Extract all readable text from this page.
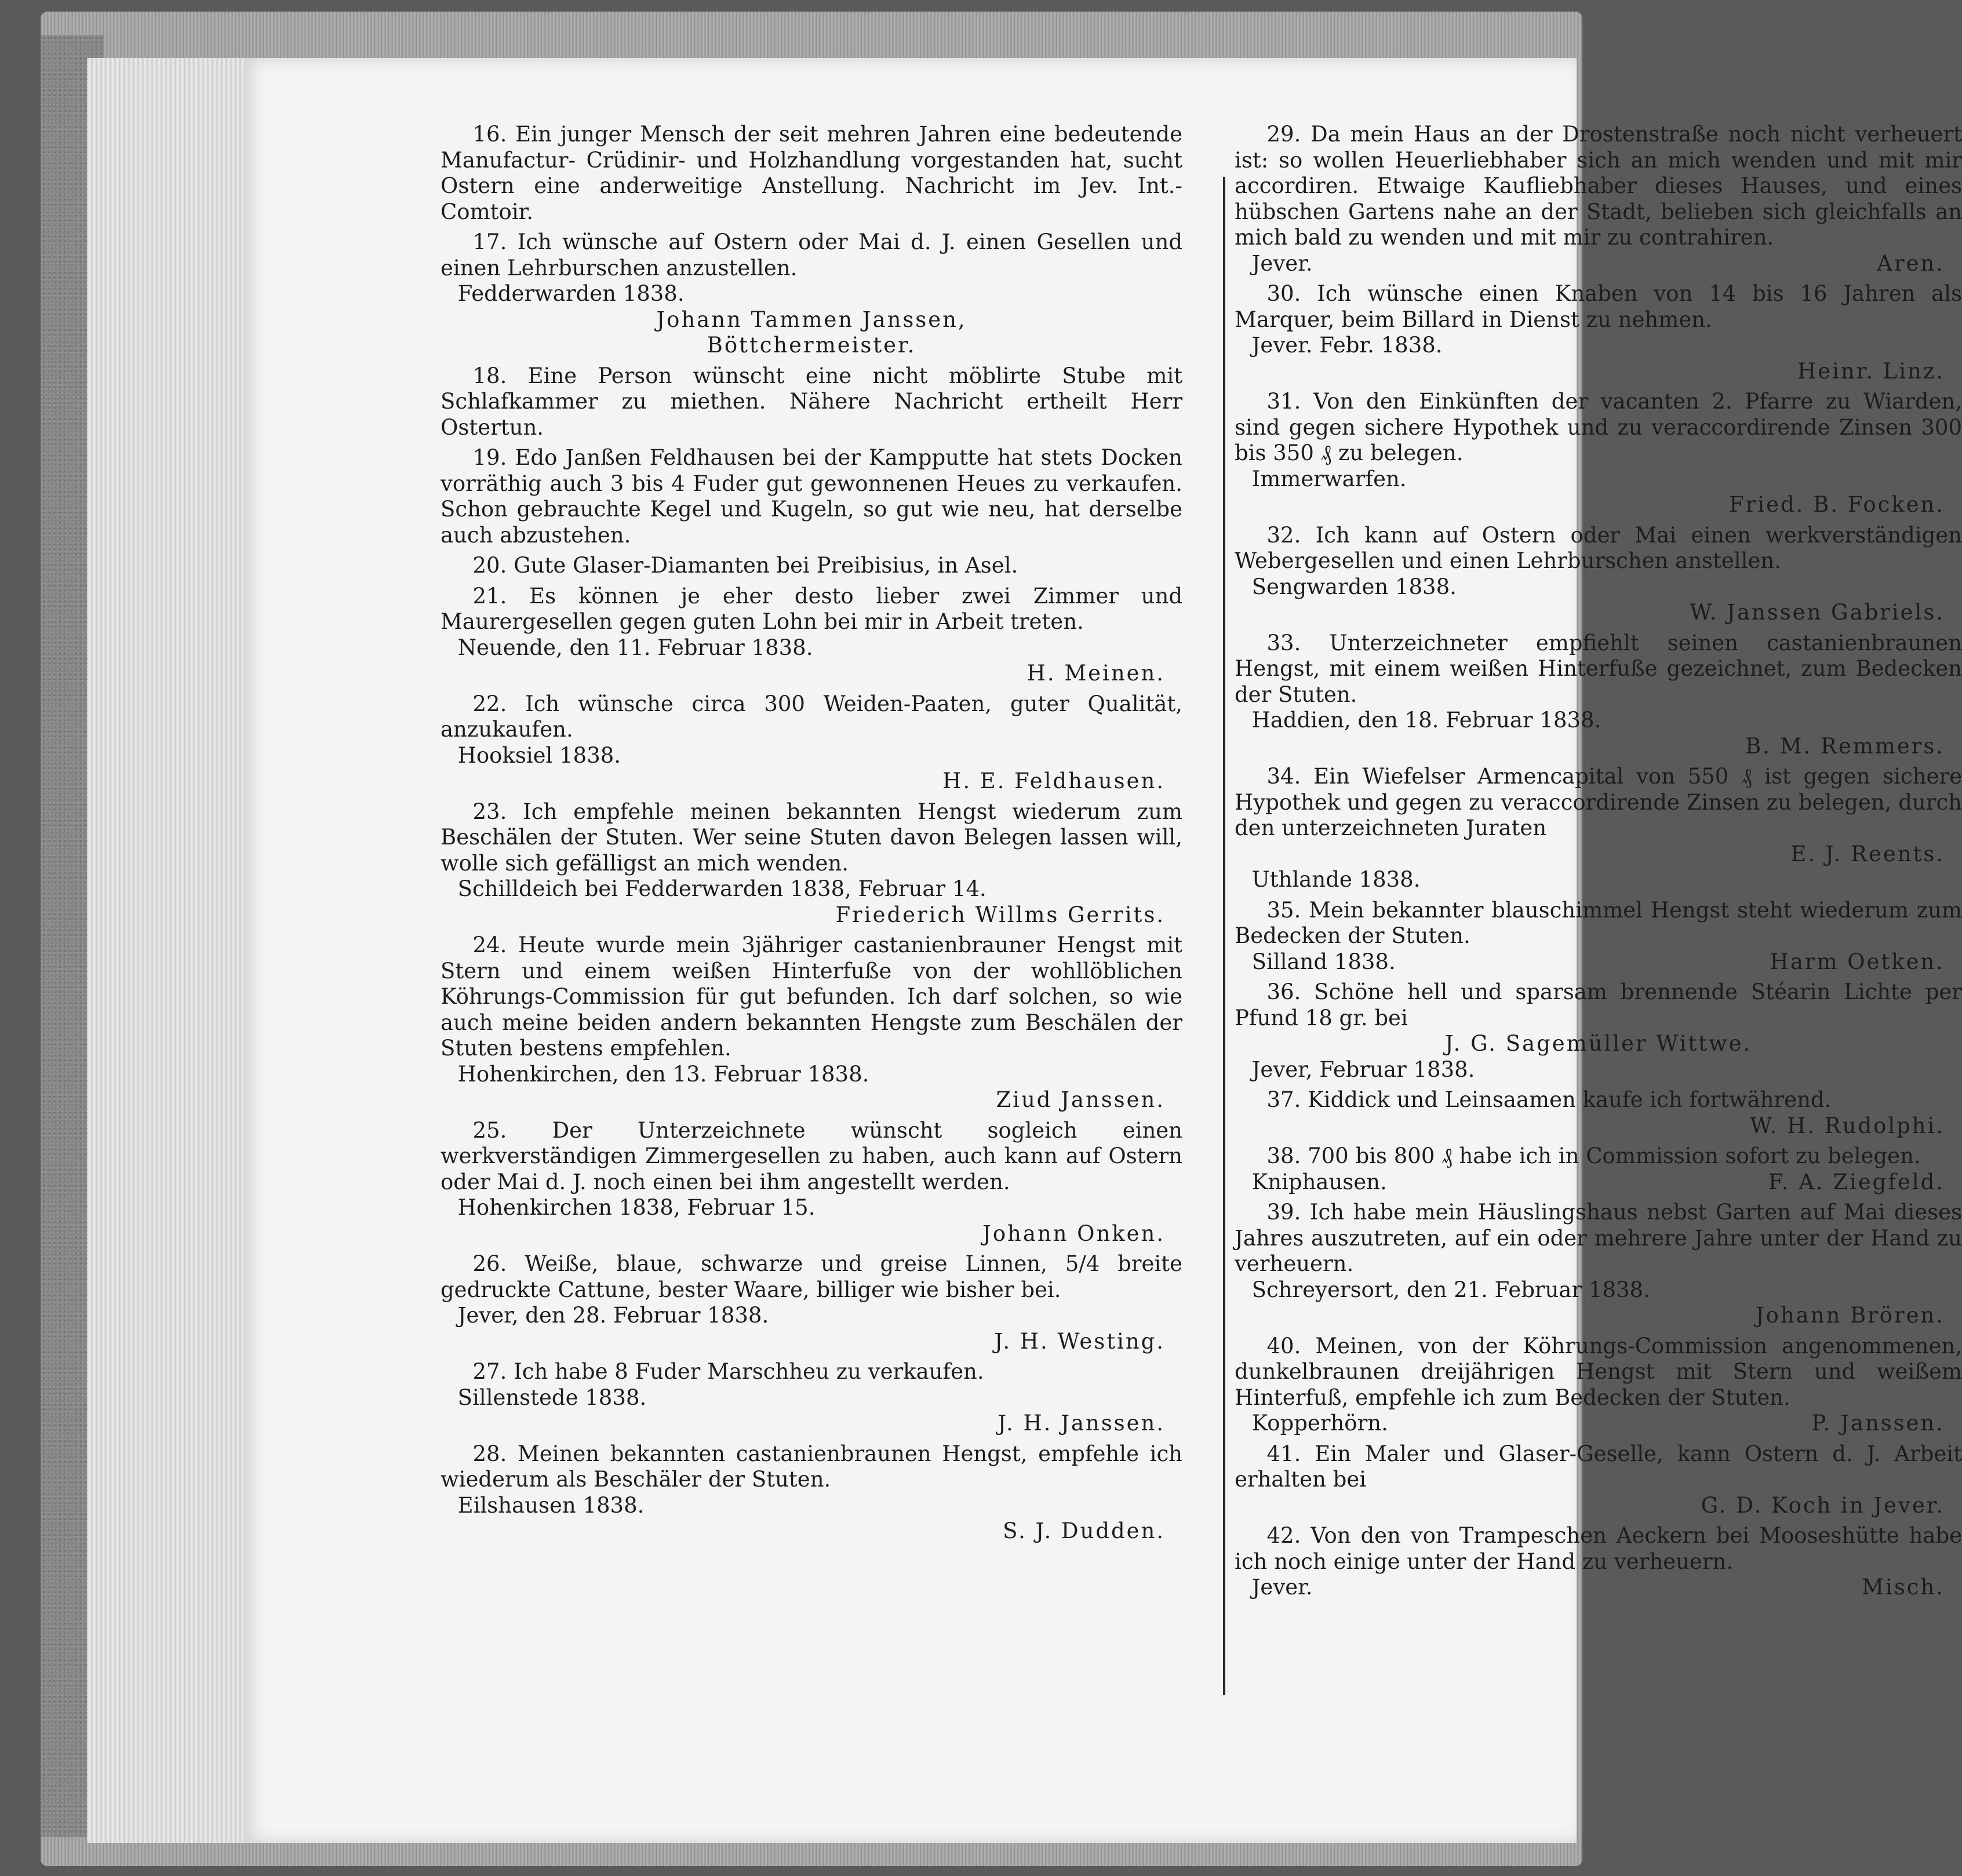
16. Ein junger Mensch der seit mehren Jahren eine bedeutende Manufactur- Crüdinir- und Holzhandlung vorgestanden hat, sucht Ostern eine anderweitige Anstellung. Nachricht im Jev. Int.-Comtoir.

17. Ich wünsche auf Ostern oder Mai d. J. einen Gesellen und einen Lehrburschen anzustellen.

Fedderwarden 1838.
Johann Tammen Janssen,
Böttchermeister.

18. Eine Person wünscht eine nicht möblirte Stube mit Schlafkammer zu miethen. Nähere Nachricht ertheilt Herr Ostertun.

19. Edo Janßen Feldhausen bei der Kampputte hat stets Docken vorräthig auch 3 bis 4 Fuder gut gewonnenen Heues zu verkaufen. Schon gebrauchte Kegel und Kugeln, so gut wie neu, hat derselbe auch abzustehen.

20. Gute Glaser-Diamanten bei Preibisius, in Asel.

21. Es können je eher desto lieber zwei Zimmer und Maurergesellen gegen guten Lohn bei mir in Arbeit treten.

Neuende, den 11. Februar 1838.
H. Meinen.

22. Ich wünsche circa 300 Weiden-Paaten, guter Qualität, anzukaufen.

Hooksiel 1838.
H. E. Feldhausen.

23. Ich empfehle meinen bekannten Hengst wiederum zum Beschälen der Stuten. Wer seine Stuten davon Belegen lassen will, wolle sich gefälligst an mich wenden.

Schilldeich bei Fedderwarden 1838, Februar 14.
Friederich Willms Gerrits.

24. Heute wurde mein 3jähriger castanienbrauner Hengst mit Stern und einem weißen Hinterfuße von der wohllöblichen Köhrungs-Commission für gut befunden. Ich darf solchen, so wie auch meine beiden andern bekannten Hengste zum Beschälen der Stuten bestens empfehlen.

Hohenkirchen, den 13. Februar 1838.
Ziud Janssen.

25. Der Unterzeichnete wünscht sogleich einen werkverständigen Zimmergesellen zu haben, auch kann auf Ostern oder Mai d. J. noch einen bei ihm angestellt werden.

Hohenkirchen 1838, Februar 15.
Johann Onken.

26. Weiße, blaue, schwarze und greise Linnen, 5/4 breite gedruckte Cattune, bester Waare, billiger wie bisher bei.

Jever, den 28. Februar 1838.
J. H. Westing.

27. Ich habe 8 Fuder Marschheu zu verkaufen.

Sillenstede 1838.
J. H. Janssen.

28. Meinen bekannten castanienbraunen Hengst, empfehle ich wiederum als Beschäler der Stuten.

Eilshausen 1838.
S. J. Dudden.

29. Da mein Haus an der Drostenstraße noch nicht verheuert ist: so wollen Heuerliebhaber sich an mich wenden und mit mir accordiren. Etwaige Kaufliebhaber dieses Hauses, und eines hübschen Gartens nahe an der Stadt, belieben sich gleichfalls an mich bald zu wenden und mit mir zu contrahiren.

Jever.	Aren.

30. Ich wünsche einen Knaben von 14 bis 16 Jahren als Marquer, beim Billard in Dienst zu nehmen.

Jever. Febr. 1838.
Heinr. Linz.

31. Von den Einkünften der vacanten 2. Pfarre zu Wiarden, sind gegen sichere Hypothek und zu veraccordirende Zinsen 300 bis 350 ₰ zu belegen.

Immerwarfen.
Fried. B. Focken.

32. Ich kann auf Ostern oder Mai einen werkverständigen Webergesellen und einen Lehrburschen anstellen.

Sengwarden 1838.
W. Janssen Gabriels.

33. Unterzeichneter empfiehlt seinen castanienbraunen Hengst, mit einem weißen Hinterfuße gezeichnet, zum Bedecken der Stuten.

Haddien, den 18. Februar 1838.
B. M. Remmers.

34. Ein Wiefelser Armencapital von 550 ₰ ist gegen sichere Hypothek und gegen zu veraccordirende Zinsen zu belegen, durch den unterzeichneten Juraten

E. J. Reents.
Uthlande 1838.

35. Mein bekannter blauschimmel Hengst steht wiederum zum Bedecken der Stuten.

Silland 1838.	Harm Oetken.

36. Schöne hell und sparsam brennende Stéarin Lichte per Pfund 18 gr. bei

J. G. Sagemüller Wittwe.
Jever, Februar 1838.

37. Kiddick und Leinsaamen kaufe ich fortwährend.

W. H. Rudolphi.

38. 700 bis 800 ₰ habe ich in Commission sofort zu belegen.

Kniphausen.	F. A. Ziegfeld.

39. Ich habe mein Häuslingshaus nebst Garten auf Mai dieses Jahres auszutreten, auf ein oder mehrere Jahre unter der Hand zu verheuern.

Schreyersort, den 21. Februar 1838.
Johann Brören.

40. Meinen, von der Köhrungs-Commission angenommenen, dunkelbraunen dreijährigen Hengst mit Stern und weißem Hinterfuß, empfehle ich zum Bedecken der Stuten.

Kopperhörn.	P. Janssen.

41. Ein Maler und Glaser-Geselle, kann Ostern d. J. Arbeit erhalten bei

G. D. Koch in Jever.

42. Von den von Trampeschen Aeckern bei Mooseshütte habe ich noch einige unter der Hand zu verheuern.

Jever.	Misch.
